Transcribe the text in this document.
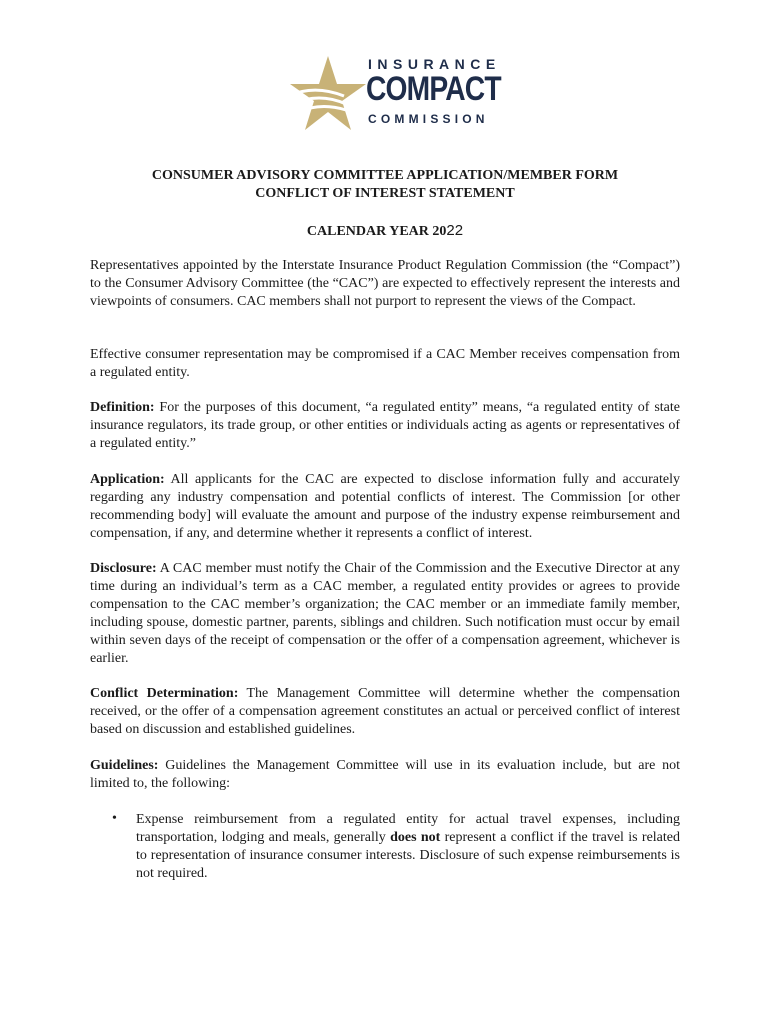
INSURANCE
COMPACT
COMMISSION
CONSUMER ADVISORY COMMITTEE APPLICATION/MEMBER FORM
CONFLICT OF INTEREST STATEMENT
CALENDAR YEAR 2022

Representatives appointed by the Interstate Insurance Product Regulation Commission (the “Compact”) to the Consumer Advisory Committee (the “CAC”) are expected to effectively represent the interests and viewpoints of consumers. CAC members shall not purport to represent the views of the Compact.

Effective consumer representation may be compromised if a CAC Member receives compensation from a regulated entity.

Definition: For the purposes of this document, “a regulated entity” means, “a regulated entity of state insurance regulators, its trade group, or other entities or individuals acting as agents or representatives of a regulated entity.”

Application: All applicants for the CAC are expected to disclose information fully and accurately regarding any industry compensation and potential conflicts of interest. The Commission [or other recommending body] will evaluate the amount and purpose of the industry expense reimbursement and compensation, if any, and determine whether it represents a conflict of interest.

Disclosure: A CAC member must notify the Chair of the Commission and the Executive Director at any time during an individual’s term as a CAC member, a regulated entity provides or agrees to provide compensation to the CAC member’s organization; the CAC member or an immediate family member, including spouse, domestic partner, parents, siblings and children. Such notification must occur by email within seven days of the receipt of compensation or the offer of a compensation agreement, whichever is earlier.

Conflict Determination: The Management Committee will determine whether the compensation received, or the offer of a compensation agreement constitutes an actual or perceived conflict of interest based on discussion and established guidelines.

Guidelines: Guidelines the Management Committee will use in its evaluation include, but are not limited to, the following:

• Expense reimbursement from a regulated entity for actual travel expenses, including transportation, lodging and meals, generally does not represent a conflict if the travel is related to representation of insurance consumer interests. Disclosure of such expense reimbursements is not required.
